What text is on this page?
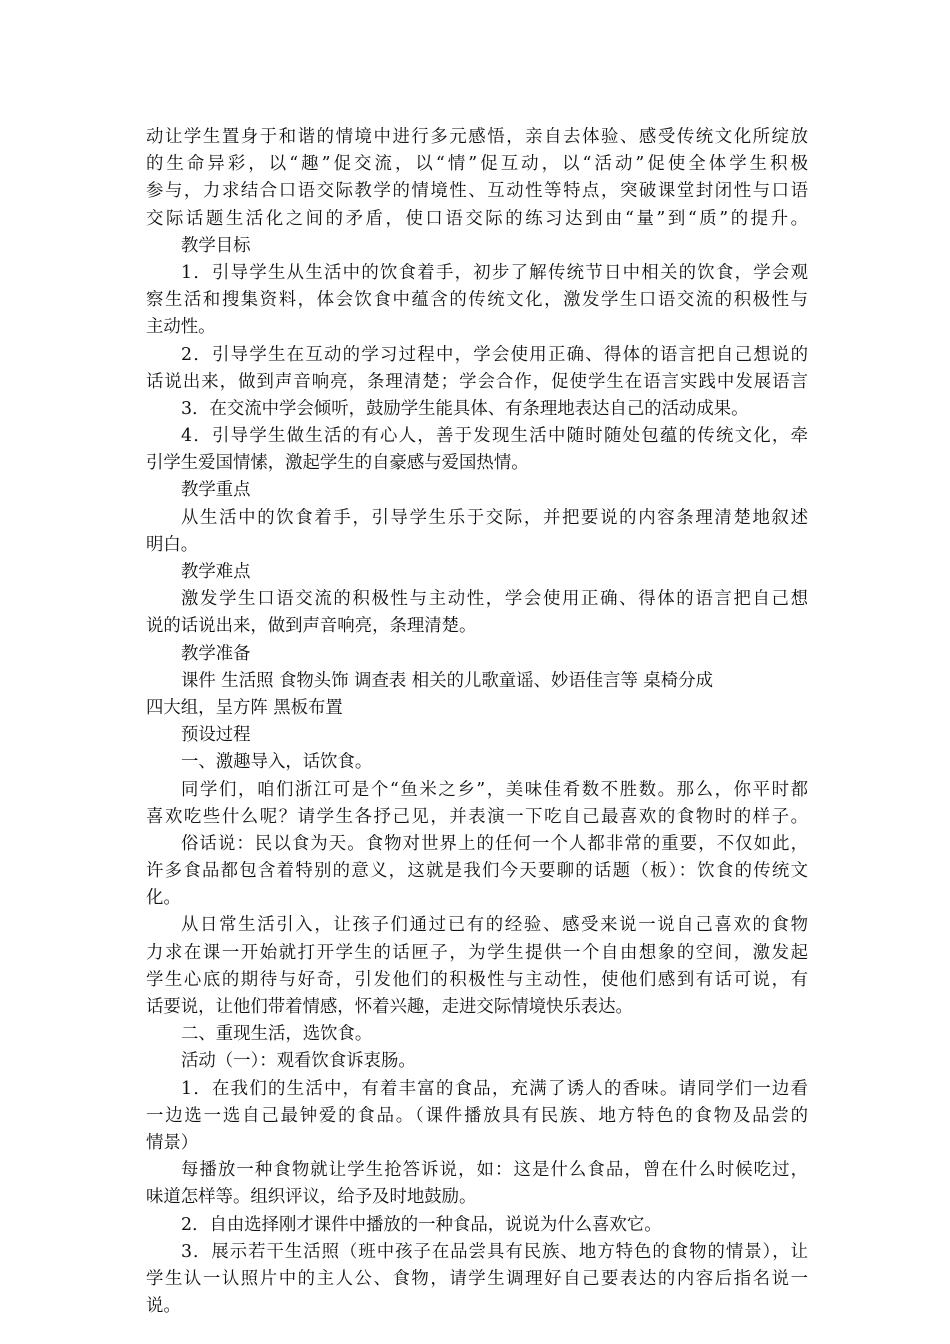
动让学生置身于和谐的情境中进行多元感悟，亲自去体验、感受传统文化所绽放
的生命异彩，以“趣”促交流，以“情”促互动，以“活动”促使全体学生积极
参与，力求结合口语交际教学的情境性、互动性等特点，突破课堂封闭性与口语
交际话题生活化之间的矛盾，使口语交际的练习达到由“量”到“质”的提升。
教学目标
1．引导学生从生活中的饮食着手，初步了解传统节日中相关的饮食，学会观
察生活和搜集资料，体会饮食中蕴含的传统文化，激发学生口语交流的积极性与
主动性。
2．引导学生在互动的学习过程中，学会使用正确、得体的语言把自己想说的
话说出来，做到声音响亮，条理清楚；学会合作，促使学生在语言实践中发展语言
3．在交流中学会倾听，鼓励学生能具体、有条理地表达自己的活动成果。
4．引导学生做生活的有心人，善于发现生活中随时随处包蕴的传统文化，牵
引学生爱国情愫，激起学生的自豪感与爱国热情。
教学重点
从生活中的饮食着手，引导学生乐于交际，并把要说的内容条理清楚地叙述
明白。
教学难点
激发学生口语交流的积极性与主动性，学会使用正确、得体的语言把自己想
说的话说出来，做到声音响亮，条理清楚。
教学准备
课件 生活照 食物头饰 调查表 相关的儿歌童谣、妙语佳言等 桌椅分成
四大组，呈方阵 黑板布置
预设过程
一、激趣导入，话饮食。
同学们，咱们浙江可是个“鱼米之乡”，美味佳肴数不胜数。那么，你平时都
喜欢吃些什么呢？请学生各抒己见，并表演一下吃自己最喜欢的食物时的样子。
俗话说：民以食为天。食物对世界上的任何一个人都非常的重要，不仅如此，
许多食品都包含着特别的意义，这就是我们今天要聊的话题（板）：饮食的传统文
化。
从日常生活引入，让孩子们通过已有的经验、感受来说一说自己喜欢的食物
力求在课一开始就打开学生的话匣子，为学生提供一个自由想象的空间，激发起
学生心底的期待与好奇，引发他们的积极性与主动性，使他们感到有话可说，有
话要说，让他们带着情感，怀着兴趣，走进交际情境快乐表达。
二、重现生活，选饮食。
活动（一）：观看饮食诉衷肠。
1．在我们的生活中，有着丰富的食品，充满了诱人的香味。请同学们一边看
一边选一选自己最钟爱的食品。（课件播放具有民族、地方特色的食物及品尝的
情景）
每播放一种食物就让学生抢答诉说，如：这是什么食品，曾在什么时候吃过，
味道怎样等。组织评议，给予及时地鼓励。
2．自由选择刚才课件中播放的一种食品，说说为什么喜欢它。
3．展示若干生活照（班中孩子在品尝具有民族、地方特色的食物的情景），让
学生认一认照片中的主人公、食物，请学生调理好自己要表达的内容后指名说一
说。
